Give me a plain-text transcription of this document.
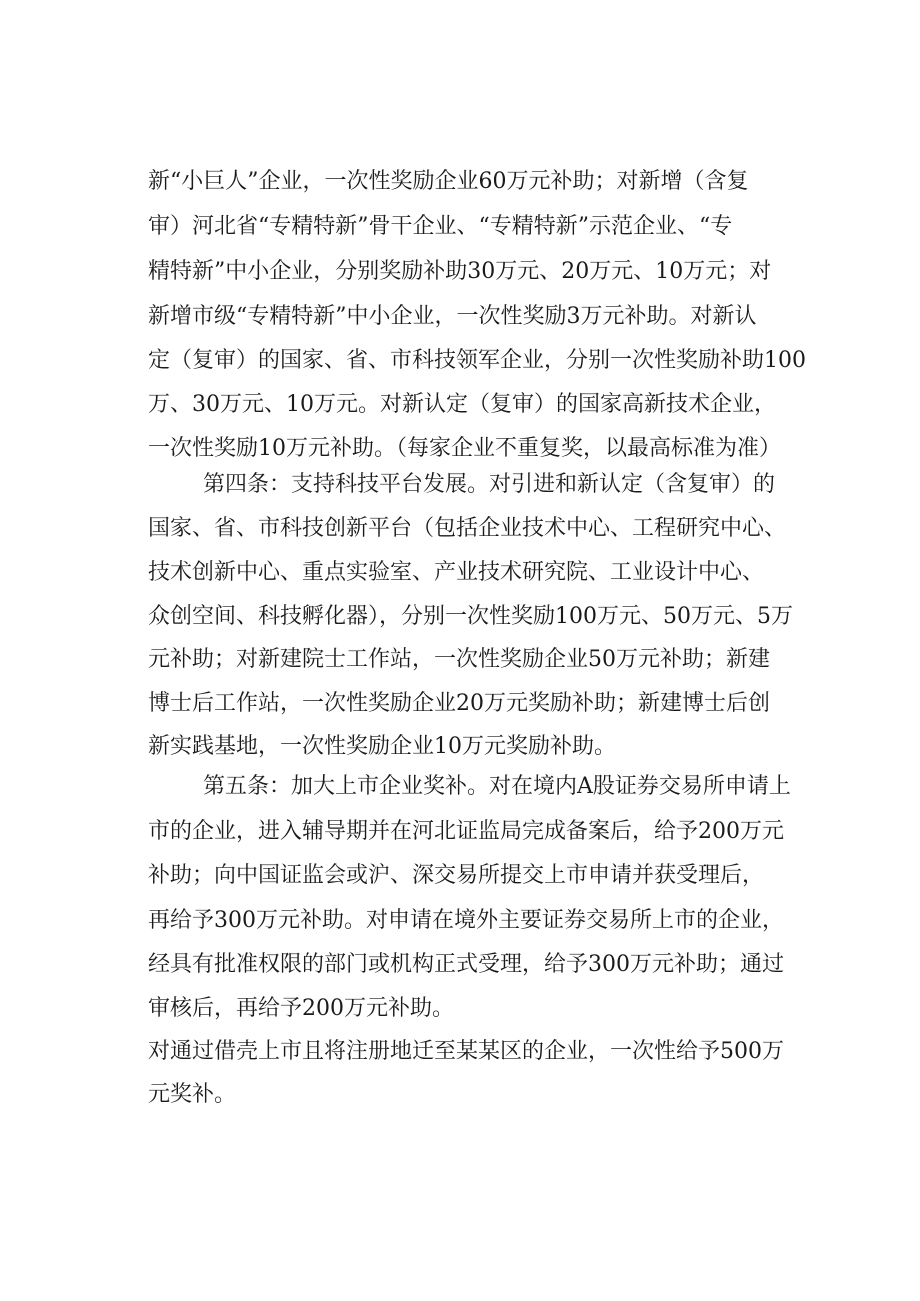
新“小巨人”企业，一次性奖励企业60万元补助；对新增（含复
审）河北省“专精特新”骨干企业、“专精特新”示范企业、“专
精特新”中小企业，分别奖励补助30万元、20万元、10万元；对
新增市级“专精特新”中小企业，一次性奖励3万元补助。对新认
定（复审）的国家、省、市科技领军企业，分别一次性奖励补助100
万、30万元、10万元。对新认定（复审）的国家高新技术企业，
一次性奖励10万元补助。（每家企业不重复奖，以最高标准为准）
第四条：支持科技平台发展。对引进和新认定（含复审）的
国家、省、市科技创新平台（包括企业技术中心、工程研究中心、
技术创新中心、重点实验室、产业技术研究院、工业设计中心、
众创空间、科技孵化器），分别一次性奖励100万元、50万元、5万
元补助；对新建院士工作站，一次性奖励企业50万元补助；新建
博士后工作站，一次性奖励企业20万元奖励补助；新建博士后创
新实践基地，一次性奖励企业10万元奖励补助。
第五条：加大上市企业奖补。对在境内A股证券交易所申请上
市的企业，进入辅导期并在河北证监局完成备案后，给予200万元
补助；向中国证监会或沪、深交易所提交上市申请并获受理后，
再给予300万元补助。对申请在境外主要证券交易所上市的企业，
经具有批准权限的部门或机构正式受理，给予300万元补助；通过
审核后，再给予200万元补助。
对通过借壳上市且将注册地迁至某某区的企业，一次性给予500万
元奖补。
